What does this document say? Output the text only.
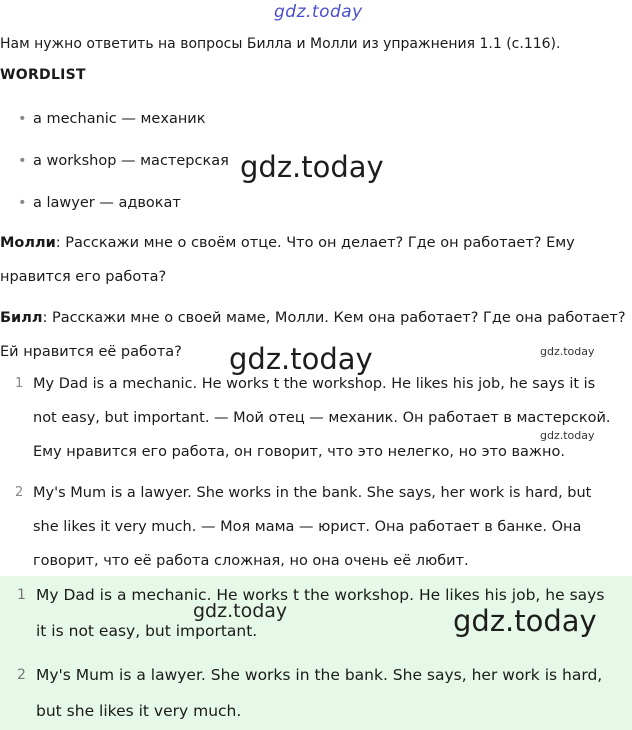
gdz.today
Нам нужно ответить на вопросы Билла и Молли из упражнения 1.1 (с.116).
WORDLIST
• a mechanic — механик
• a workshop — мастерская
• a lawyer — адвокат
gdz.today
Молли: Расскажи мне о своём отце. Что он делает? Где он работает? Ему
нравится его работа?
Билл: Расскажи мне о своей маме, Молли. Кем она работает? Где она работает?
Ей нравится её работа?	gdz.today	gdz.today
1 My Dad is a mechanic. He works t the workshop. He likes his job, he says it is
not easy, but important. — Мой отец — механик. Он работает в мастерской.
Ему нравится его работа, он говорит, что это нелегко, но это важно.
gdz.today
2 My's Mum is a lawyer. She works in the bank. She says, her work is hard, but
she likes it very much. — Моя мама — юрист. Она работает в банке. Она
говорит, что её работа сложная, но она очень её любит.
1 My Dad is a mechanic. He works t the workshop. He likes his job, he says
it is not easy, but important.
gdz.today	gdz.today
2 My's Mum is a lawyer. She works in the bank. She says, her work is hard,
but she likes it very much.
